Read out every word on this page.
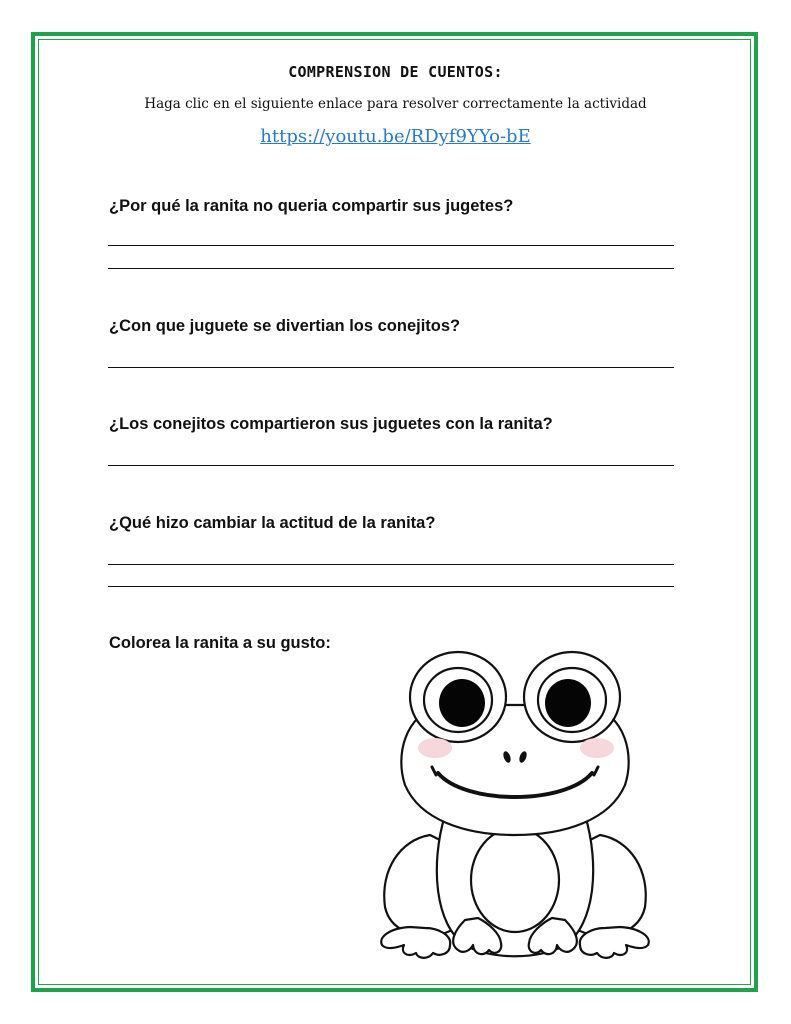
COMPRENSION DE CUENTOS:
Haga clic en el siguiente enlace para resolver correctamente la actividad
https://youtu.be/RDyf9YYo-bE
¿Por qué la ranita no queria compartir sus jugetes?
¿Con que juguete se divertian los conejitos?
¿Los conejitos compartieron sus juguetes con la ranita?
¿Qué hizo cambiar la actitud de la ranita?
Colorea la ranita a su gusto:
